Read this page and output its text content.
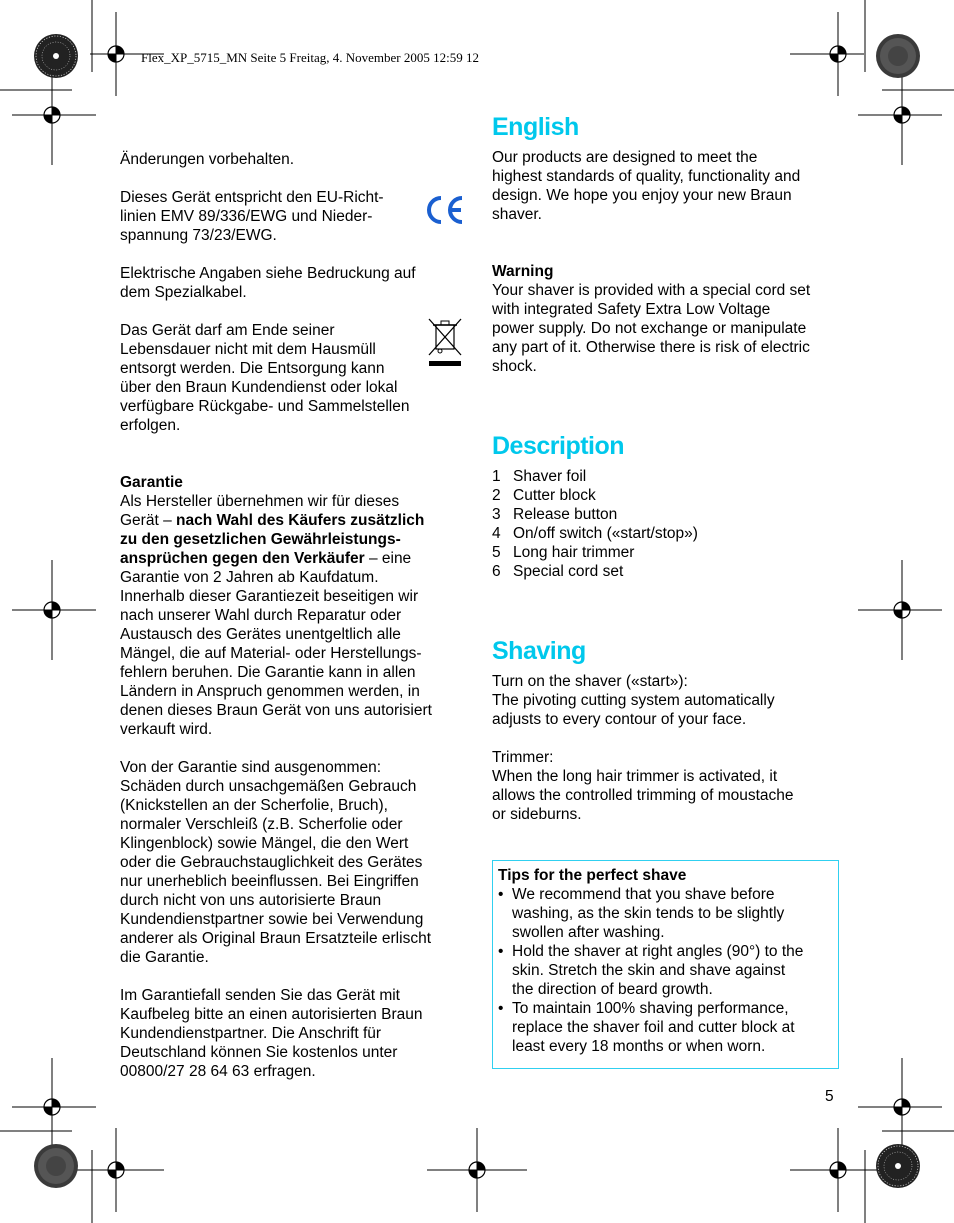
Flex_XP_5715_MN Seite 5 Freitag, 4. November 2005 12:59 12

Änderungen vorbehalten.

Dieses Gerät entspricht den EU-Richt-

linien EMV 89/336/EWG und Nieder-

spannung 73/23/EWG.

Elektrische Angaben siehe Bedruckung auf

dem Spezialkabel.

Das Gerät darf am Ende seiner

Lebensdauer nicht mit dem Hausmüll

entsorgt werden. Die Entsorgung kann

über den Braun Kundendienst oder lokal

verfügbare Rückgabe- und Sammelstellen

erfolgen.

Garantie

Als Hersteller übernehmen wir für dieses

Gerät – nach Wahl des Käufers zusätzlich

zu den gesetzlichen Gewährleistungs-

ansprüchen gegen den Verkäufer – eine

Garantie von 2 Jahren ab Kaufdatum.

Innerhalb dieser Garantiezeit beseitigen wir

nach unserer Wahl durch Reparatur oder

Austausch des Gerätes unentgeltlich alle

Mängel, die auf Material- oder Herstellungs-

fehlern beruhen. Die Garantie kann in allen

Ländern in Anspruch genommen werden, in

denen dieses Braun Gerät von uns autorisiert

verkauft wird.

Von der Garantie sind ausgenommen:

Schäden durch unsachgemäßen Gebrauch

(Knickstellen an der Scherfolie, Bruch),

normaler Verschleiß (z.B. Scherfolie oder

Klingenblock) sowie Mängel, die den Wert

oder die Gebrauchstauglichkeit des Gerätes

nur unerheblich beeinflussen. Bei Eingriffen

durch nicht von uns autorisierte Braun

Kundendienstpartner sowie bei Verwendung

anderer als Original Braun Ersatzteile erlischt

die Garantie.

Im Garantiefall senden Sie das Gerät mit

Kaufbeleg bitte an einen autorisierten Braun

Kundendienstpartner. Die Anschrift für

Deutschland können Sie kostenlos unter

00800/27 28 64 63 erfragen.

English

Our products are designed to meet the

highest standards of quality, functionality and

design. We hope you enjoy your new Braun

shaver.

Warning

Your shaver is provided with a special cord set

with integrated Safety Extra Low Voltage

power supply. Do not exchange or manipulate

any part of it. Otherwise there is risk of electric

shock.

Description
1 Shaver foil
2 Cutter block
3 Release button
4 On/off switch («start/stop»)
5 Long hair trimmer
6 Special cord set
Shaving

Turn on the shaver («start»):

The pivoting cutting system automatically

adjusts to every contour of your face.

Trimmer:

When the long hair trimmer is activated, it

allows the controlled trimming of moustache

or sideburns.

Tips for the perfect shave

• We recommend that you shave before

washing, as the skin tends to be slightly

swollen after washing.

• Hold the shaver at right angles (90°) to the

skin. Stretch the skin and shave against

the direction of beard growth.

• To maintain 100% shaving performance,

replace the shaver foil and cutter block at

least every 18 months or when worn.

5
